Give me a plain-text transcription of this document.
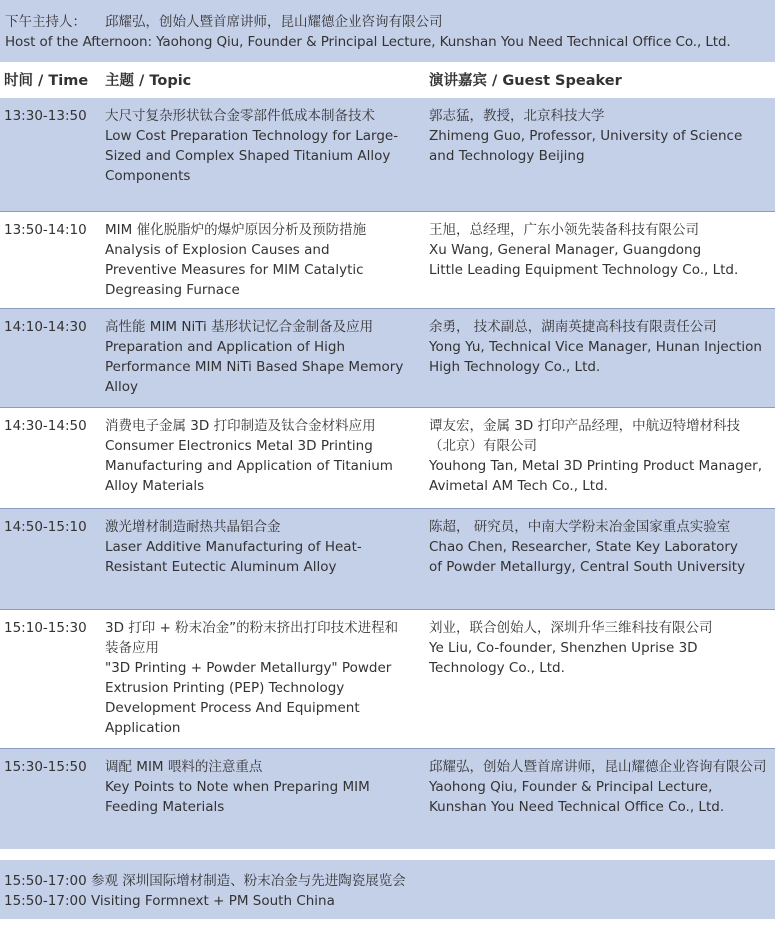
下午主持人： 邱耀弘，创始人暨首席讲师，昆山耀德企业咨询有限公司
Host of the Afternoon: Yaohong Qiu, Founder & Principal Lecture, Kunshan You Need Technical Office Co., Ltd.
时间 / Time 主题 / Topic	演讲嘉宾 / Guest Speaker
13:30-13:50 大尺寸复杂形状钛合金零部件低成本制备技术
Low Cost Preparation Technology for Large-Sized and Complex Shaped Titanium Alloy Components
郭志猛，教授，北京科技大学
Zhimeng Guo, Professor, University of Science and Technology Beijing
13:50-14:10 MIM 催化脱脂炉的爆炉原因分析及预防措施
Analysis of Explosion Causes and Preventive Measures for MIM Catalytic Degreasing Furnace
王旭，总经理，广东小领先装备科技有限公司
Xu Wang, General Manager, Guangdong Little Leading Equipment Technology Co., Ltd.
14:10-14:30 高性能 MIM NiTi 基形状记忆合金制备及应用
Preparation and Application of High Performance MIM NiTi Based Shape Memory Alloy
余勇， 技术副总，湖南英捷高科技有限责任公司
Yong Yu, Technical Vice Manager, Hunan Injection High Technology Co., Ltd.
14:30-14:50 消费电子金属 3D 打印制造及钛合金材料应用
Consumer Electronics Metal 3D Printing Manufacturing and Application of Titanium Alloy Materials
谭友宏，金属 3D 打印产品经理，中航迈特增材科技（北京）有限公司
Youhong Tan, Metal 3D Printing Product Manager, Avimetal AM Tech Co., Ltd.
14:50-15:10 激光增材制造耐热共晶铝合金
Laser Additive Manufacturing of Heat-Resistant Eutectic Aluminum Alloy
陈超， 研究员，中南大学粉末冶金国家重点实验室
Chao Chen, Researcher, State Key Laboratory of Powder Metallurgy, Central South University
15:10-15:30 3D 打印 + 粉末冶金”的粉末挤出打印技术进程和装备应用
"3D Printing + Powder Metallurgy" Powder Extrusion Printing (PEP) Technology Development Process And Equipment Application
刘业，联合创始人，深圳升华三维科技有限公司
Ye Liu, Co-founder, Shenzhen Uprise 3D Technology Co., Ltd.
15:30-15:50 调配 MIM 喂料的注意重点
Key Points to Note when Preparing MIM Feeding Materials
邱耀弘，创始人暨首席讲师，昆山耀德企业咨询有限公司
Yaohong Qiu, Founder & Principal Lecture, Kunshan You Need Technical Office Co., Ltd.
15:50-17:00 参观 深圳国际增材制造、粉末冶金与先进陶瓷展览会
15:50-17:00 Visiting Formnext + PM South China
